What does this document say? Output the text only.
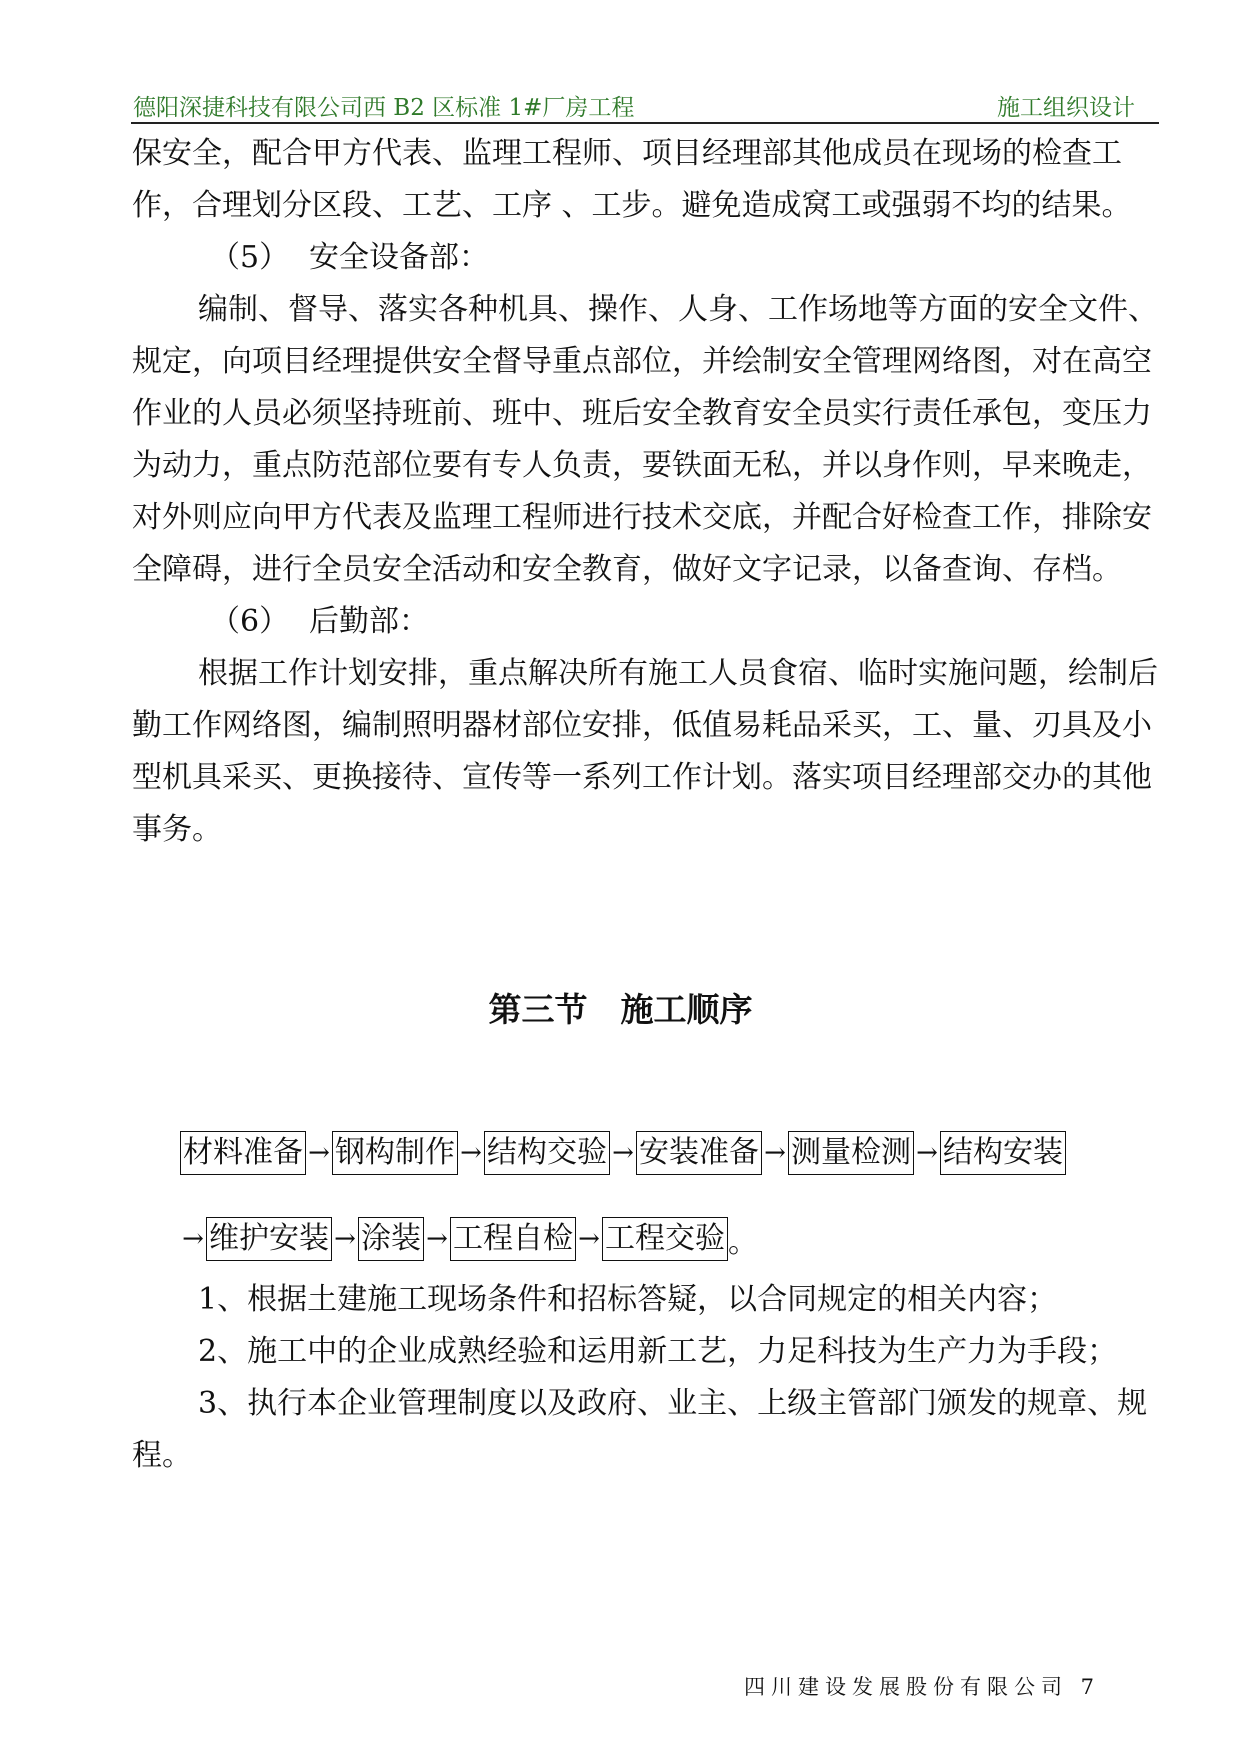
德阳深捷科技有限公司西 B2 区标准 1#厂房工程	施工组织设计

保安全，配合甲方代表、监理工程师、项目经理部其他成员在现场的检查工作，合理划分区段、工艺、工序 、工步。避免造成窝工或强弱不均的结果。

（5） 安全设备部：

编制、督导、落实各种机具、操作、人身、工作场地等方面的安全文件、规定，向项目经理提供安全督导重点部位，并绘制安全管理网络图，对在高空作业的人员必须坚持班前、班中、班后安全教育安全员实行责任承包，变压力为动力，重点防范部位要有专人负责，要铁面无私，并以身作则，早来晚走，对外则应向甲方代表及监理工程师进行技术交底，并配合好检查工作，排除安全障碍，进行全员安全活动和安全教育，做好文字记录，以备查询、存档。

（6） 后勤部：

根据工作计划安排，重点解决所有施工人员食宿、临时实施问题，绘制后勤工作网络图，编制照明器材部位安排，低值易耗品采买，工、量、刃具及小型机具采买、更换接待、宣传等一系列工作计划。落实项目经理部交办的其他事务。

第三节　施工顺序
材料准备 → 钢构制作 → 结构交验 → 安装准备 → 测量检测 → 结构安装
→ 维护安装 → 涂装 → 工程自检 → 工程交验 。

1、根据土建施工现场条件和招标答疑，以合同规定的相关内容；

2、施工中的企业成熟经验和运用新工艺，力足科技为生产力为手段；

3、执行本企业管理制度以及政府、业主、上级主管部门颁发的规章、规程。

四川建设发展股份有限公司 7
